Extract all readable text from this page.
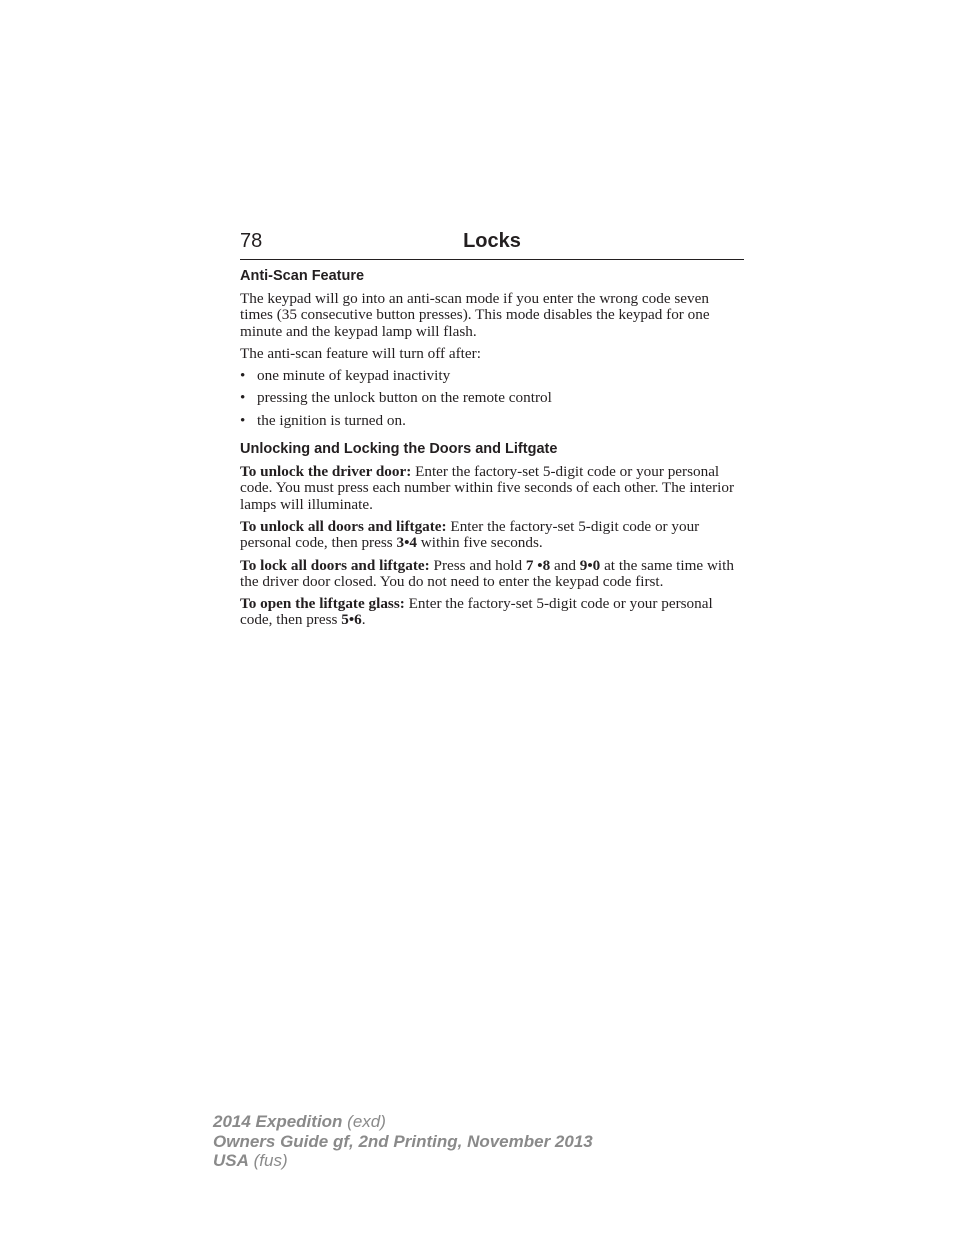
78	Locks
Anti-Scan Feature

The keypad will go into an anti-scan mode if you enter the wrong code seven times (35 consecutive button presses). This mode disables the keypad for one minute and the keypad lamp will flash.

The anti-scan feature will turn off after:

• one minute of keypad inactivity
• pressing the unlock button on the remote control
• the ignition is turned on.
Unlocking and Locking the Doors and Liftgate

To unlock the driver door: Enter the factory-set 5-digit code or your personal code. You must press each number within five seconds of each other. The interior lamps will illuminate.

To unlock all doors and liftgate: Enter the factory-set 5-digit code or your personal code, then press 3•4 within five seconds.

To lock all doors and liftgate: Press and hold 7 •8 and 9•0 at the same time with the driver door closed. You do not need to enter the keypad code first.

To open the liftgate glass: Enter the factory-set 5-digit code or your personal code, then press 5•6.

2014 Expedition (exd)
Owners Guide gf, 2nd Printing, November 2013
USA (fus)
